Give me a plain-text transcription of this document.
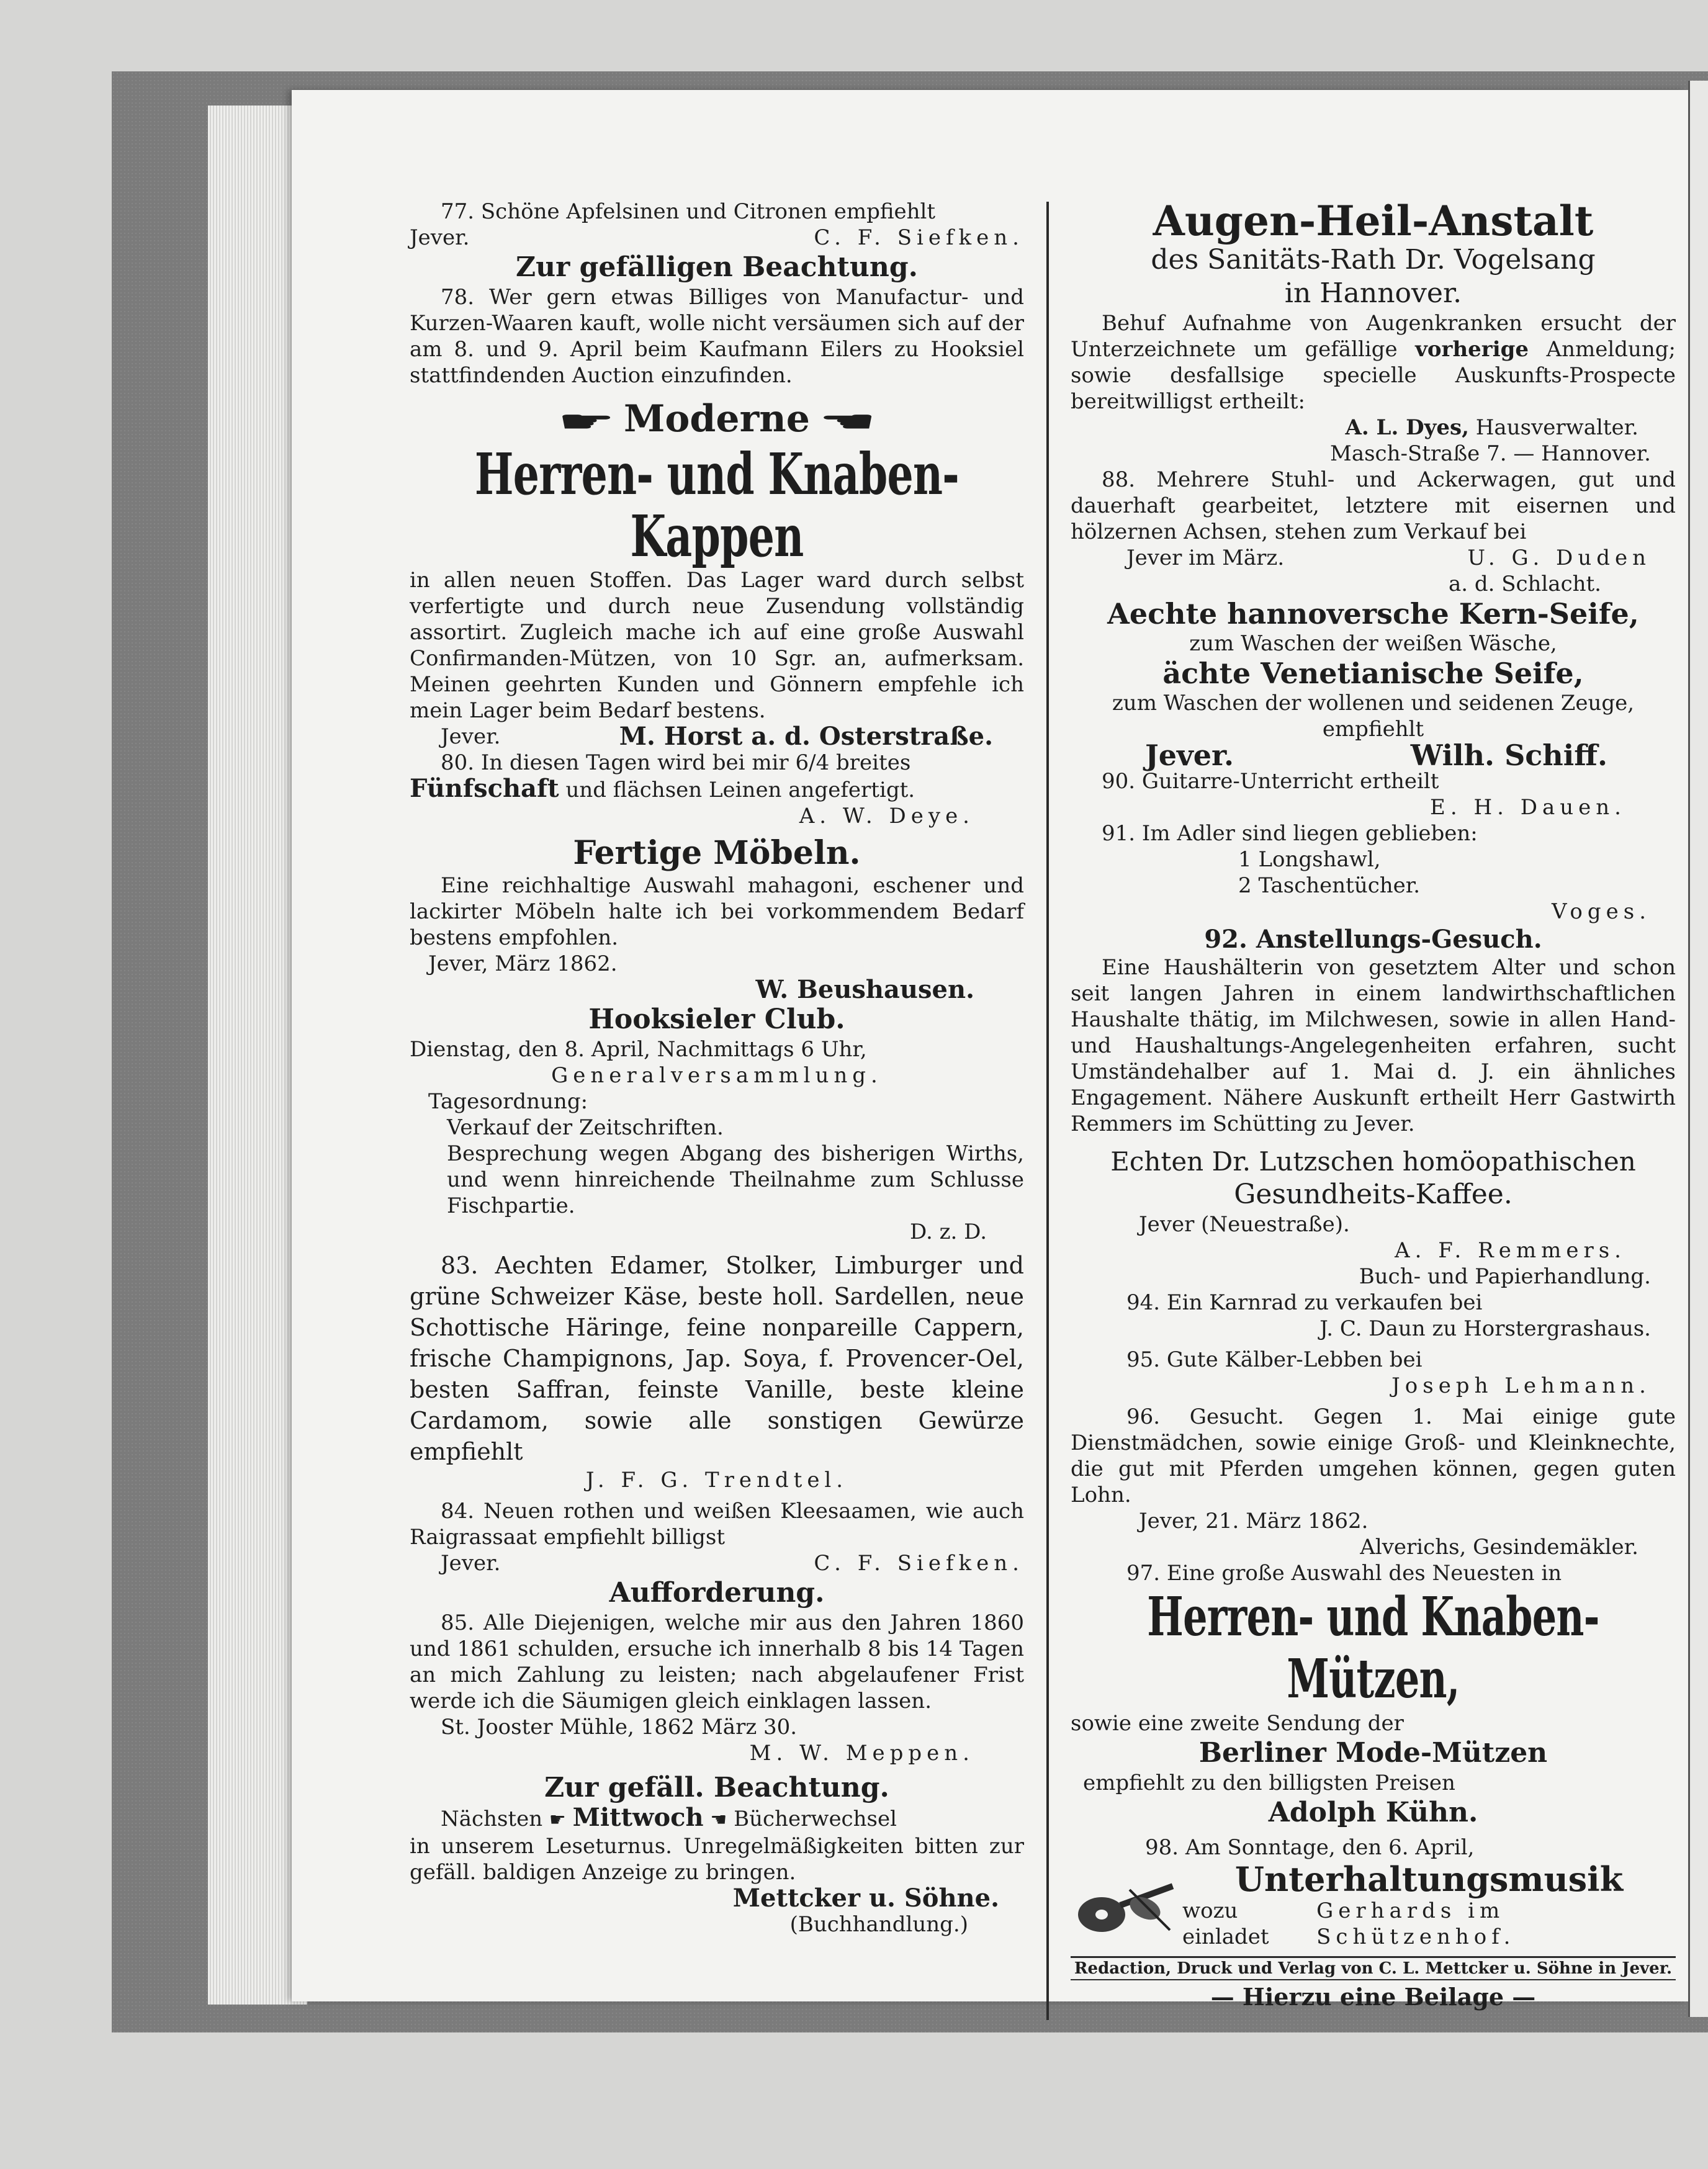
77. Schöne Apfelsinen und Citronen empfiehlt

Jever.	C. F. Siefken.
Zur gefälligen Beachtung.

78. Wer gern etwas Billiges von Manufactur- und Kurzen-Waaren kauft, wolle nicht versäumen sich auf der am 8. und 9. April beim Kaufmann Eilers zu Hooksiel stattfindenden Auction einzufinden.

☛ Moderne ☚
Herren- und Knaben-Kappen

in allen neuen Stoffen. Das Lager ward durch selbst verfertigte und durch neue Zusendung vollständig assortirt. Zugleich mache ich auf eine große Auswahl Confirmanden-Mützen, von 10 Sgr. an, aufmerksam. Meinen geehrten Kunden und Gönnern empfehle ich mein Lager beim Bedarf bestens.

Jever.	M. Horst a. d. Osterstraße.

80. In diesen Tagen wird bei mir 6/4 breites

Fünfschaft und flächsen Leinen angefertigt.

A. W. Deye.

Fertige Möbeln.

Eine reichhaltige Auswahl mahagoni, eschener und lackirter Möbeln halte ich bei vorkommendem Bedarf bestens empfohlen.

Jever, März 1862.

W. Beushausen.

Hooksieler Club.

Dienstag, den 8. April, Nachmittags 6 Uhr,

Generalversammlung.

Tagesordnung:

Verkauf der Zeitschriften.

Besprechung wegen Abgang des bisherigen Wirths, und wenn hinreichende Theilnahme zum Schlusse Fischpartie.

D. z. D.

83. Aechten Edamer, Stolker, Limburger und grüne Schweizer Käse, beste holl. Sardellen, neue Schottische Häringe, feine nonpareille Cappern, frische Champignons, Jap. Soya, f. Provencer-Oel, besten Saffran, feinste Vanille, beste kleine Cardamom, sowie alle sonstigen Gewürze empfiehlt

J. F. G. Trendtel.

84. Neuen rothen und weißen Kleesaamen, wie auch Raigrassaat empfiehlt billigst

Jever.	C. F. Siefken.
Aufforderung.

85. Alle Diejenigen, welche mir aus den Jahren 1860 und 1861 schulden, ersuche ich innerhalb 8 bis 14 Tagen an mich Zahlung zu leisten; nach abgelaufener Frist werde ich die Säumigen gleich einklagen lassen.

St. Jooster Mühle, 1862 März 30.

M. W. Meppen.

Zur gefäll. Beachtung.

Nächsten ☛ Mittwoch ☚ Bücherwechsel

in unserem Leseturnus. Unregelmäßigkeiten bitten zur gefäll. baldigen Anzeige zu bringen.

Mettcker u. Söhne.

(Buchhandlung.)

Augen-Heil-Anstalt

des Sanitäts-Rath Dr. Vogelsang

in Hannover.

Behuf Aufnahme von Augenkranken ersucht der Unterzeichnete um gefällige vorherige Anmeldung; sowie desfallsige specielle Auskunfts-Prospecte bereitwilligst ertheilt:

A. L. Dyes, Hausverwalter.

Masch-Straße 7. — Hannover.

88. Mehrere Stuhl- und Ackerwagen, gut und dauerhaft gearbeitet, letztere mit eisernen und hölzernen Achsen, stehen zum Verkauf bei

Jever im März.	U. G. Duden

a. d. Schlacht.

Aechte hannoversche Kern-Seife,

zum Waschen der weißen Wäsche,

ächte Venetianische Seife,

zum Waschen der wollenen und seidenen Zeuge, empfiehlt

Jever.	Wilh. Schiff.

90. Guitarre-Unterricht ertheilt

E. H. Dauen.

91. Im Adler sind liegen geblieben:

1 Longshawl,

2 Taschentücher.

Voges.

92. Anstellungs-Gesuch.

Eine Haushälterin von gesetztem Alter und schon seit langen Jahren in einem landwirthschaftlichen Haushalte thätig, im Milchwesen, sowie in allen Hand- und Haushaltungs-Angelegenheiten erfahren, sucht Umständehalber auf 1. Mai d. J. ein ähnliches Engagement. Nähere Auskunft ertheilt Herr Gastwirth Remmers im Schütting zu Jever.

Echten Dr. Lutzschen homöopathischen

Gesundheits-Kaffee.

Jever (Neuestraße).

A. F. Remmers.

Buch- und Papierhandlung.

94. Ein Karnrad zu verkaufen bei

J. C. Daun zu Horstergrashaus.

95. Gute Kälber-Lebben bei

Joseph Lehmann.

96. Gesucht. Gegen 1. Mai einige gute Dienstmädchen, sowie einige Groß- und Kleinknechte, die gut mit Pferden umgehen können, gegen guten Lohn.

Jever, 21. März 1862.

Alverichs, Gesindemäkler.

97. Eine große Auswahl des Neuesten in

Herren- und Knaben-Mützen,

sowie eine zweite Sendung der

Berliner Mode-Mützen

empfiehlt zu den billigsten Preisen

Adolph Kühn.

98. Am Sonntage, den 6. April,

Unterhaltungsmusik
wozu einladet
Gerhards im Schützenhof.

Redaction, Druck und Verlag von C. L. Mettcker u. Söhne in Jever.

— Hierzu eine Beilage —
